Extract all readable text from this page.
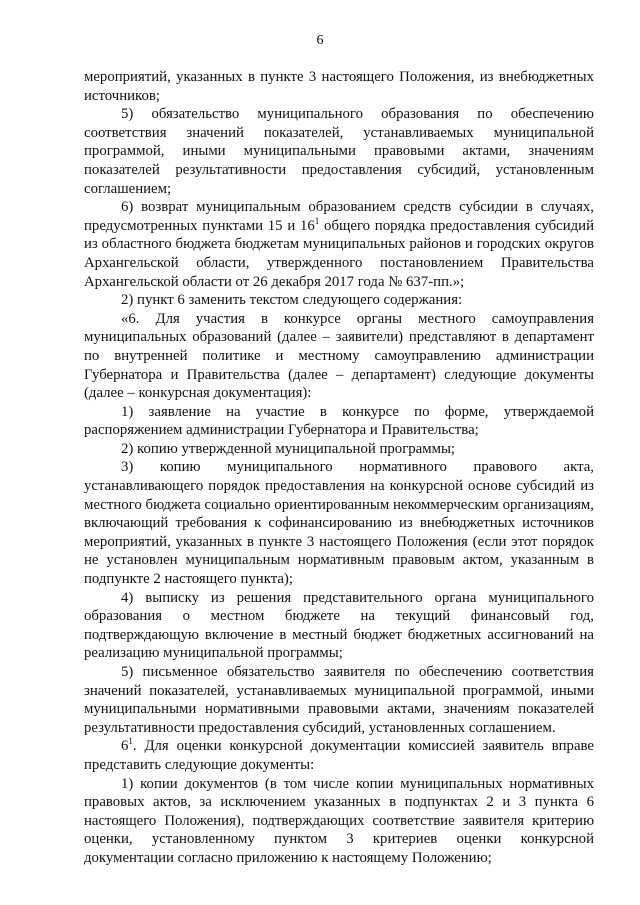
6

мероприятий, указанных в пункте 3 настоящего Положения, из внебюджетных источников;

5) обязательство муниципального образования по обеспечению соответствия значений показателей, устанавливаемых муниципальной программой, иными муниципальными правовыми актами, значениям показателей результативности предоставления субсидий, установленным соглашением;

6) возврат муниципальным образованием средств субсидии в случаях, предусмотренных пунктами 15 и $16^1$ общего порядка предоставления субсидий из областного бюджета бюджетам муниципальных районов и городских округов Архангельской области, утвержденного постановлением Правительства Архангельской области от 26 декабря 2017 года № 637-пп.»;

2) пункт 6 заменить текстом следующего содержания:

«6. Для участия в конкурсе органы местного самоуправления муниципальных образований (далее – заявители) представляют в департамент по внутренней политике и местному самоуправлению администрации Губернатора и Правительства (далее – департамент) следующие документы (далее – конкурсная документация):

1) заявление на участие в конкурсе по форме, утверждаемой распоряжением администрации Губернатора и Правительства;

2) копию утвержденной муниципальной программы;

3) копию муниципального нормативного правового акта, устанавливающего порядок предоставления на конкурсной основе субсидий из местного бюджета социально ориентированным некоммерческим организациям, включающий требования к софинансированию из внебюджетных источников мероприятий, указанных в пункте 3 настоящего Положения (если этот порядок не установлен муниципальным нормативным правовым актом, указанным в подпункте 2 настоящего пункта);

4) выписку из решения представительного органа муниципального образования о местном бюджете на текущий финансовый год, подтверждающую включение в местный бюджет бюджетных ассигнований на реализацию муниципальной программы;

5) письменное обязательство заявителя по обеспечению соответствия значений показателей, устанавливаемых муниципальной программой, иными муниципальными нормативными правовыми актами, значениям показателей результативности предоставления субсидий, установленных соглашением.

$6^1$. Для оценки конкурсной документации комиссией заявитель вправе представить следующие документы:

1) копии документов (в том числе копии муниципальных нормативных правовых актов, за исключением указанных в подпунктах 2 и 3 пункта 6 настоящего Положения), подтверждающих соответствие заявителя критерию оценки, установленному пунктом 3 критериев оценки конкурсной документации согласно приложению к настоящему Положению;
